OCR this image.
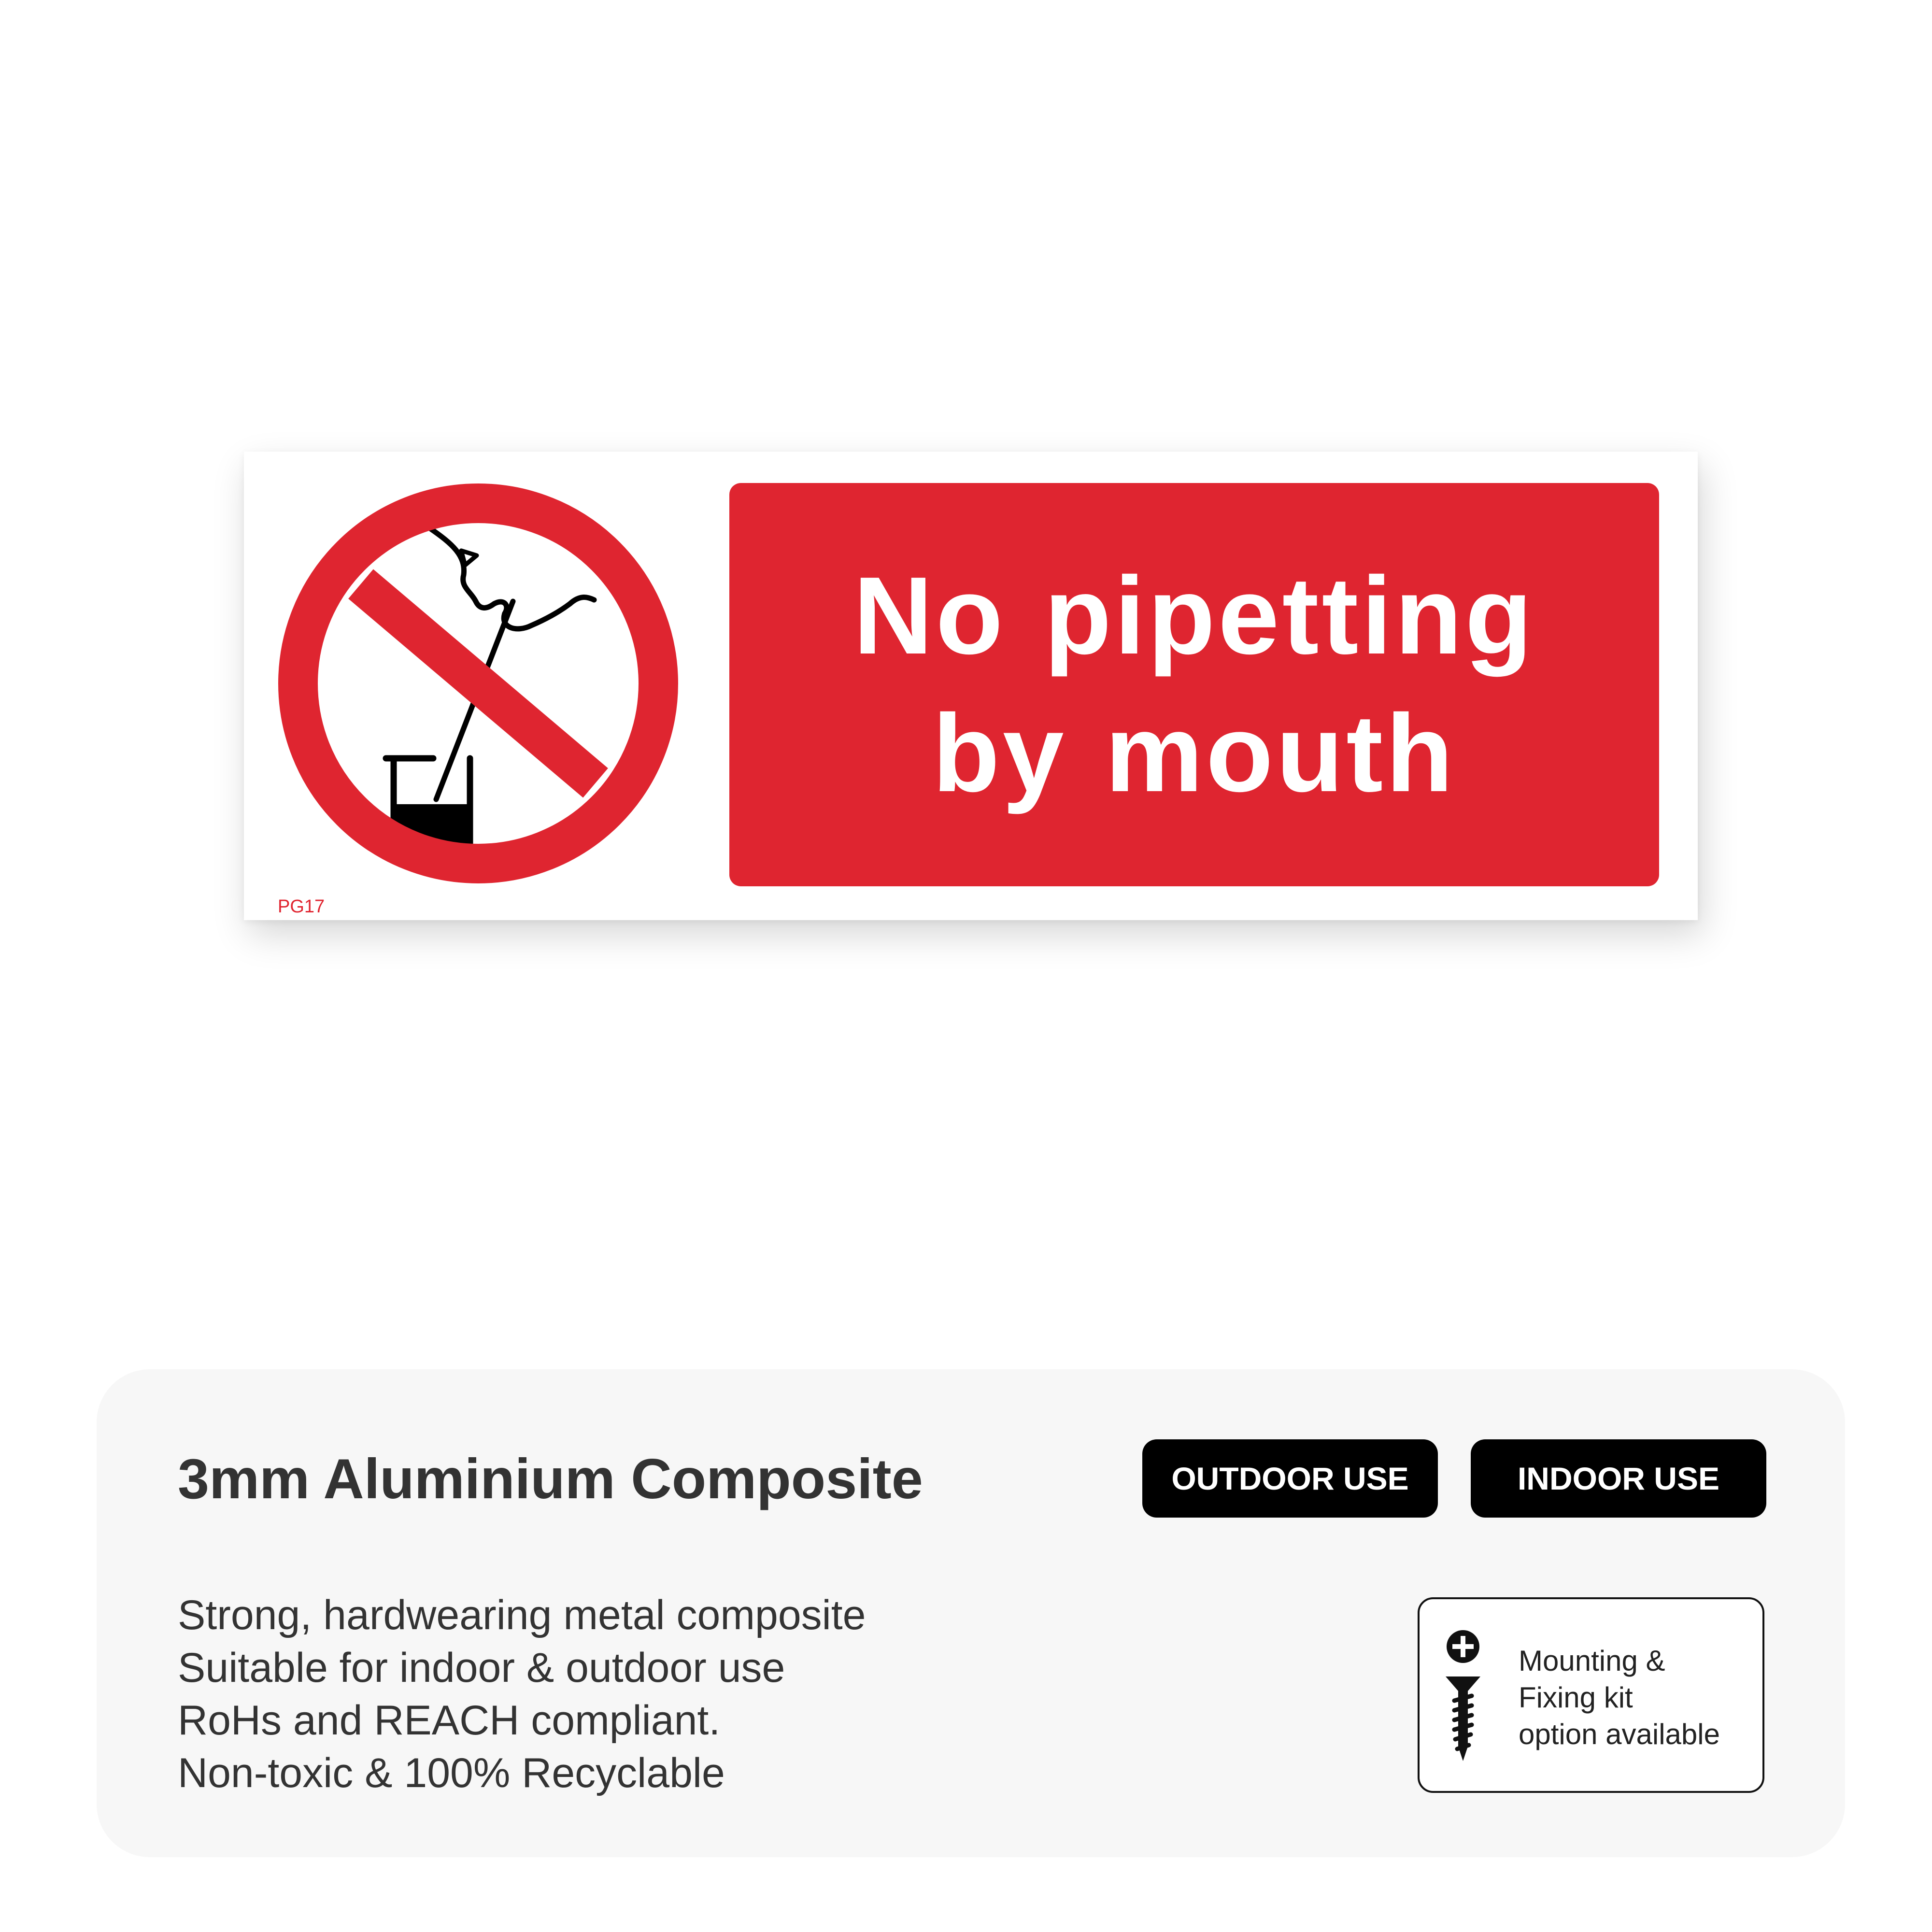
PG17
No pipetting
by mouth
3mm Aluminium Composite	OUTDOOR USE	INDOOR USE
Strong, hardwearing metal composite
Suitable for indoor & outdoor use
RoHs and REACH compliant.
Non-toxic & 100% Recyclable
Mounting &
Fixing kit
option available
